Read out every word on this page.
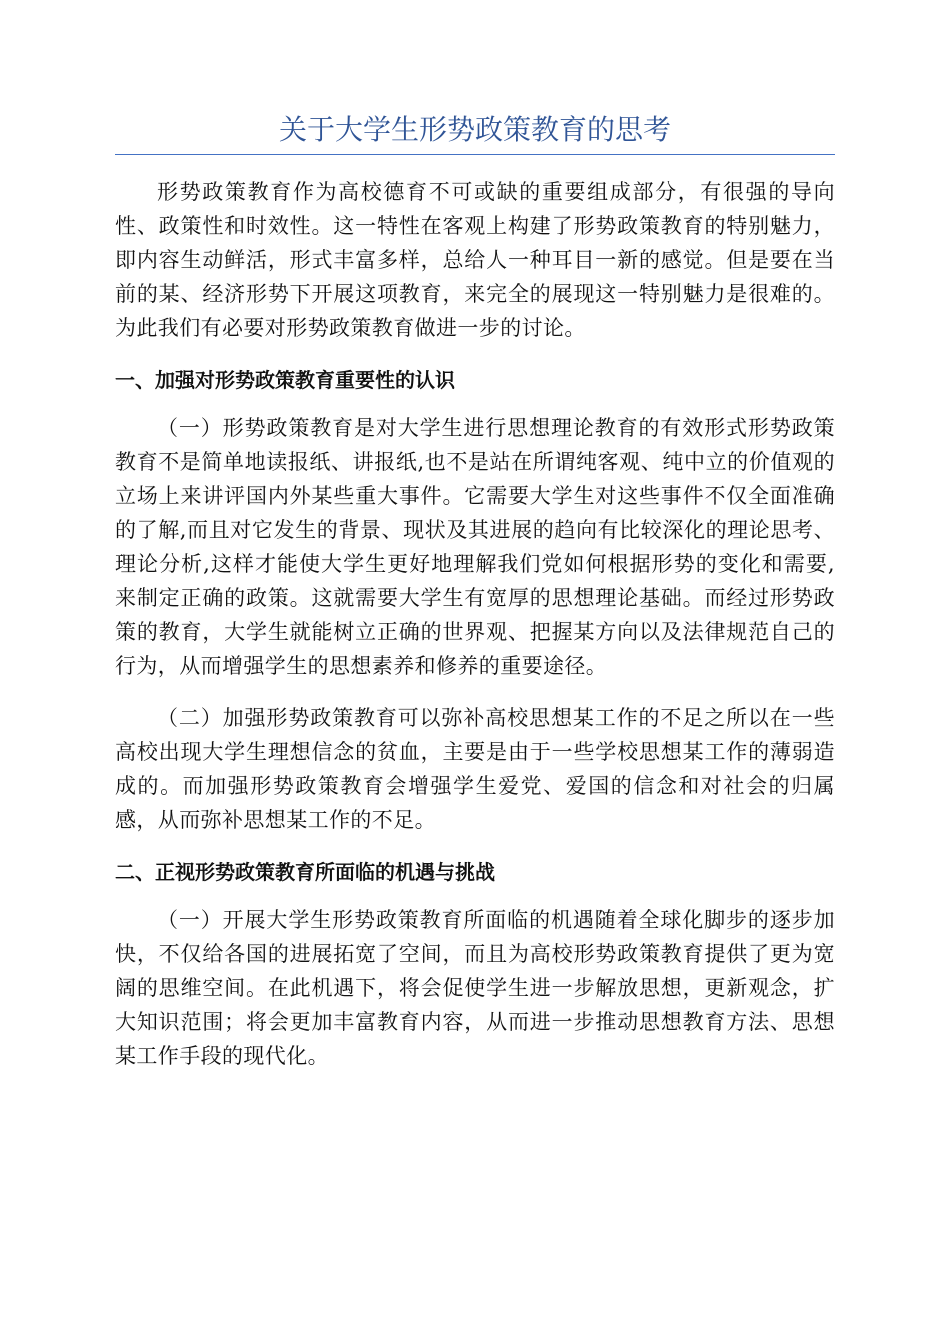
关于大学生形势政策教育的思考

形势政策教育作为高校德育不可或缺的重要组成部分，有很强的导向性、政策性和时效性。这一特性在客观上构建了形势政策教育的特别魅力，即内容生动鲜活，形式丰富多样，总给人一种耳目一新的感觉。但是要在当前的某、经济形势下开展这项教育，来完全的展现这一特别魅力是很难的。为此我们有必要对形势政策教育做进一步的讨论。

一、加强对形势政策教育重要性的认识

（一）形势政策教育是对大学生进行思想理论教育的有效形式形势政策教育不是简单地读报纸、讲报纸,也不是站在所谓纯客观、纯中立的价值观的立场上来讲评国内外某些重大事件。它需要大学生对这些事件不仅全面准确的了解,而且对它发生的背景、现状及其进展的趋向有比较深化的理论思考、理论分析,这样才能使大学生更好地理解我们党如何根据形势的变化和需要,来制定正确的政策。这就需要大学生有宽厚的思想理论基础。而经过形势政策的教育，大学生就能树立正确的世界观、把握某方向以及法律规范自己的行为，从而增强学生的思想素养和修养的重要途径。

（二）加强形势政策教育可以弥补高校思想某工作的不足之所以在一些高校出现大学生理想信念的贫血，主要是由于一些学校思想某工作的薄弱造成的。而加强形势政策教育会增强学生爱党、爱国的信念和对社会的归属感，从而弥补思想某工作的不足。

二、正视形势政策教育所面临的机遇与挑战

（一）开展大学生形势政策教育所面临的机遇随着全球化脚步的逐步加快，不仅给各国的进展拓宽了空间，而且为高校形势政策教育提供了更为宽阔的思维空间。在此机遇下，将会促使学生进一步解放思想，更新观念，扩大知识范围；将会更加丰富教育内容，从而进一步推动思想教育方法、思想某工作手段的现代化。
